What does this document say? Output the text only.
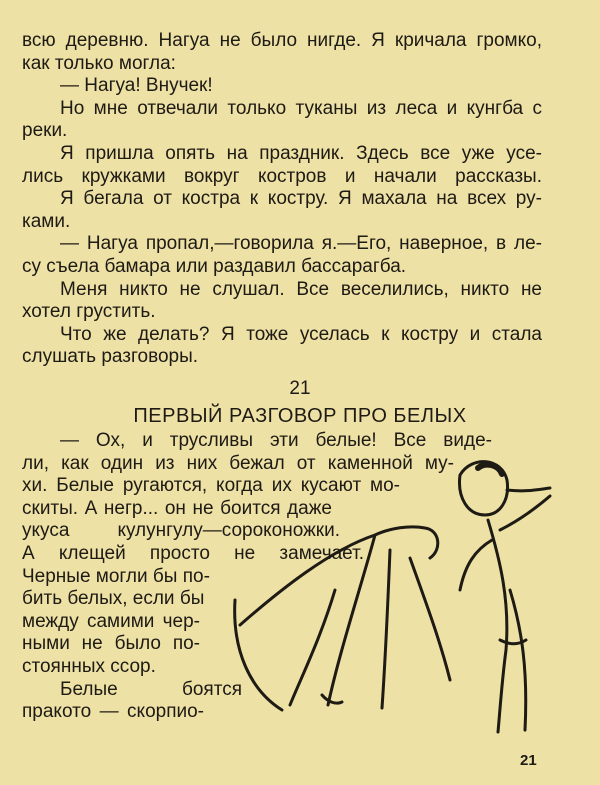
всю деревню. Нагуа не было нигде. Я кричала громко,
как только могла:
— Нагуа! Внучек!
Но мне отвечали только туканы из леса и кунгба с
реки.
Я пришла опять на праздник. Здесь все уже усе-
лись кружками вокруг костров и начали рассказы.
Я бегала от костра к костру. Я махала на всех ру-
ками.
— Нагуа пропал,—говорила я.—Его, наверное, в ле-
су съела бамара или раздавил бассарагба.
Меня никто не слушал. Все веселились, никто не
хотел грустить.
Что же делать? Я тоже уселась к костру и стала
слушать разговоры.
21
ПЕРВЫЙ РАЗГОВОР ПРО БЕЛЫХ
— Ох, и трусливы эти белые! Все виде-
ли, как один из них бежал от каменной му-
хи. Белые ругаются, когда их кусают мо-
скиты. А негр... он не боится даже
укуса кулунгулу—сороконожки.
А клещей просто не замечает.
Черные могли бы по-
бить белых, если бы
между самими чер-
ными не было по-
стоянных ссор.
Белые боятся
пракото — скорпио-
21
